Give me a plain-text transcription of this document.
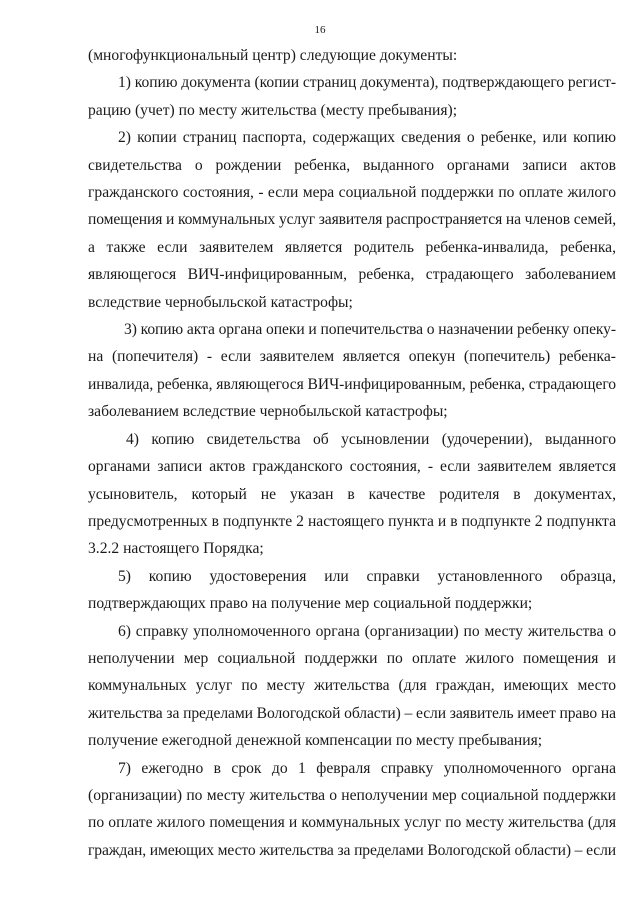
16
(многофункциональный центр) следующие документы:
1) копию документа (копии страниц документа), подтверждающего регист-
рацию (учет) по месту жительства (месту пребывания);
2) копии страниц паспорта, содержащих сведения о ребенке, или копию
свидетельства о рождении ребенка, выданного органами записи актов
гражданского состояния, - если мера социальной поддержки по оплате жилого
помещения и коммунальных услуг заявителя распространяется на членов семей,
а также если заявителем является родитель ребенка-инвалида, ребенка,
являющегося ВИЧ-инфицированным, ребенка, страдающего заболеванием
вследствие чернобыльской катастрофы;
3) копию акта органа опеки и попечительства о назначении ребенку опеку-
на (попечителя) - если заявителем является опекун (попечитель) ребенка-
инвалида, ребенка, являющегося ВИЧ-инфицированным, ребенка, страдающего
заболеванием вследствие чернобыльской катастрофы;
4) копию свидетельства об усыновлении (удочерении), выданного
органами записи актов гражданского состояния, - если заявителем является
усыновитель, который не указан в качестве родителя в документах,
предусмотренных в подпункте 2 настоящего пункта и в подпункте 2 подпункта
3.2.2 настоящего Порядка;
5) копию удостоверения или справки установленного образца,
подтверждающих право на получение мер социальной поддержки;
6) справку уполномоченного органа (организации) по месту жительства о
неполучении мер социальной поддержки по оплате жилого помещения и
коммунальных услуг по месту жительства (для граждан, имеющих место
жительства за пределами Вологодской области) – если заявитель имеет право на
получение ежегодной денежной компенсации по месту пребывания;
7) ежегодно в срок до 1 февраля справку уполномоченного органа
(организации) по месту жительства о неполучении мер социальной поддержки
по оплате жилого помещения и коммунальных услуг по месту жительства (для
граждан, имеющих место жительства за пределами Вологодской области) – если
